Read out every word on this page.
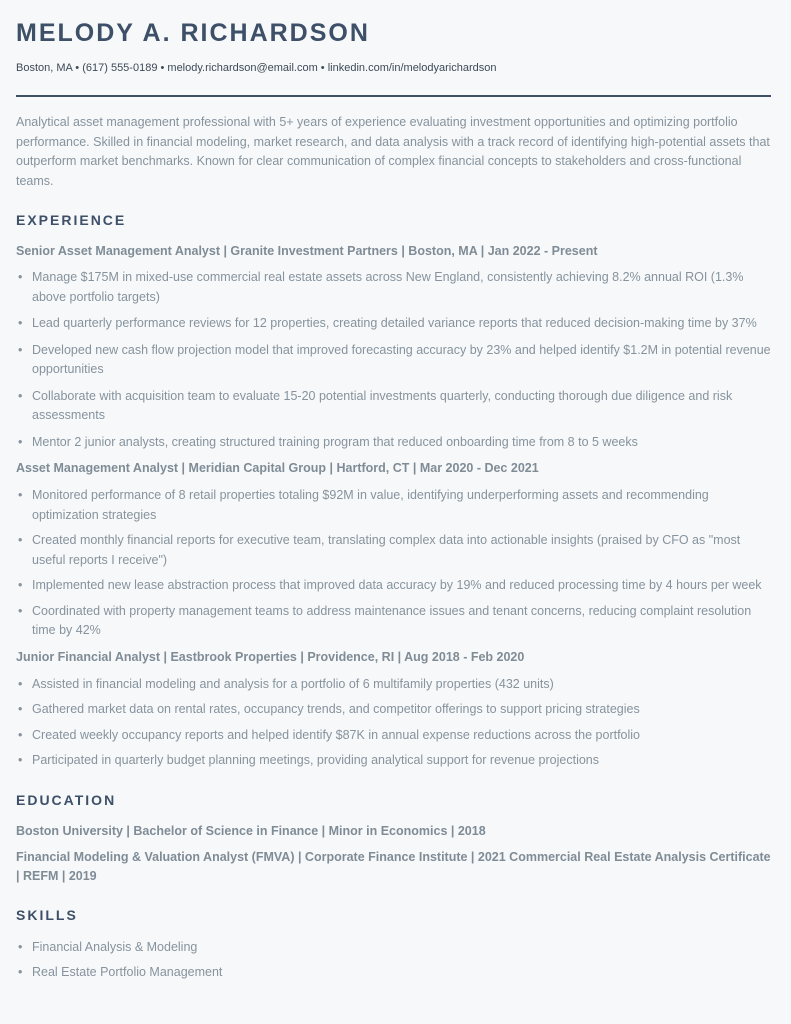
MELODY A. RICHARDSON
Boston, MA • (617) 555-0189 • melody.richardson@email.com • linkedin.com/in/melodyarichardson
Analytical asset management professional with 5+ years of experience evaluating investment opportunities and optimizing portfolio performance. Skilled in financial modeling, market research, and data analysis with a track record of identifying high-potential assets that outperform market benchmarks. Known for clear communication of complex financial concepts to stakeholders and cross-functional teams.
EXPERIENCE
Senior Asset Management Analyst | Granite Investment Partners | Boston, MA | Jan 2022 - Present
• Manage $175M in mixed-use commercial real estate assets across New England, consistently achieving 8.2% annual ROI (1.3% above portfolio targets)
• Lead quarterly performance reviews for 12 properties, creating detailed variance reports that reduced decision-making time by 37%
• Developed new cash flow projection model that improved forecasting accuracy by 23% and helped identify $1.2M in potential revenue opportunities
• Collaborate with acquisition team to evaluate 15-20 potential investments quarterly, conducting thorough due diligence and risk assessments
• Mentor 2 junior analysts, creating structured training program that reduced onboarding time from 8 to 5 weeks
Asset Management Analyst | Meridian Capital Group | Hartford, CT | Mar 2020 - Dec 2021
• Monitored performance of 8 retail properties totaling $92M in value, identifying underperforming assets and recommending optimization strategies
• Created monthly financial reports for executive team, translating complex data into actionable insights (praised by CFO as "most useful reports I receive")
• Implemented new lease abstraction process that improved data accuracy by 19% and reduced processing time by 4 hours per week
• Coordinated with property management teams to address maintenance issues and tenant concerns, reducing complaint resolution time by 42%
Junior Financial Analyst | Eastbrook Properties | Providence, RI | Aug 2018 - Feb 2020
• Assisted in financial modeling and analysis for a portfolio of 6 multifamily properties (432 units)
• Gathered market data on rental rates, occupancy trends, and competitor offerings to support pricing strategies
• Created weekly occupancy reports and helped identify $87K in annual expense reductions across the portfolio
• Participated in quarterly budget planning meetings, providing analytical support for revenue projections
EDUCATION
Boston University | Bachelor of Science in Finance | Minor in Economics | 2018
Financial Modeling & Valuation Analyst (FMVA) | Corporate Finance Institute | 2021 Commercial Real Estate Analysis Certificate | REFM | 2019
SKILLS
• Financial Analysis & Modeling
• Real Estate Portfolio Management
